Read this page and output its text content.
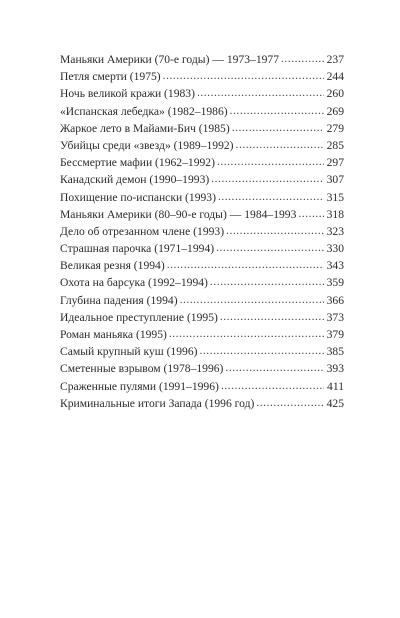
Маньяки Америки (70-е годы) — 1973–1977 . . .	237
Петля смерти (1975) . . .	244
Ночь великой кражи (1983) . . .	260
«Испанская лебедка» (1982–1986) . . .	269
Жаркое лето в Майами-Бич (1985) . . .	279
Убийцы среди «звезд» (1989–1992) . . .	285
Бессмертие мафии (1962–1992) . . .	297
Канадский демон (1990–1993) . . .	307
Похищение по-испански (1993) . . .	315
Маньяки Америки (80–90-е годы) — 1984–1993 . . .	318
Дело об отрезанном члене (1993) . . .	323
Страшная парочка (1971–1994) . . .	330
Великая резня (1994) . . .	343
Охота на барсука (1992–1994) . . .	359
Глубина падения (1994) . . .	366
Идеальное преступление (1995) . . .	373
Роман маньяка (1995) . . .	379
Самый крупный куш (1996) . . .	385
Сметенные взрывом (1978–1996) . . .	393
Сраженные пулями (1991–1996) . . .	411
Криминальные итоги Запада (1996 год) . . .	425
